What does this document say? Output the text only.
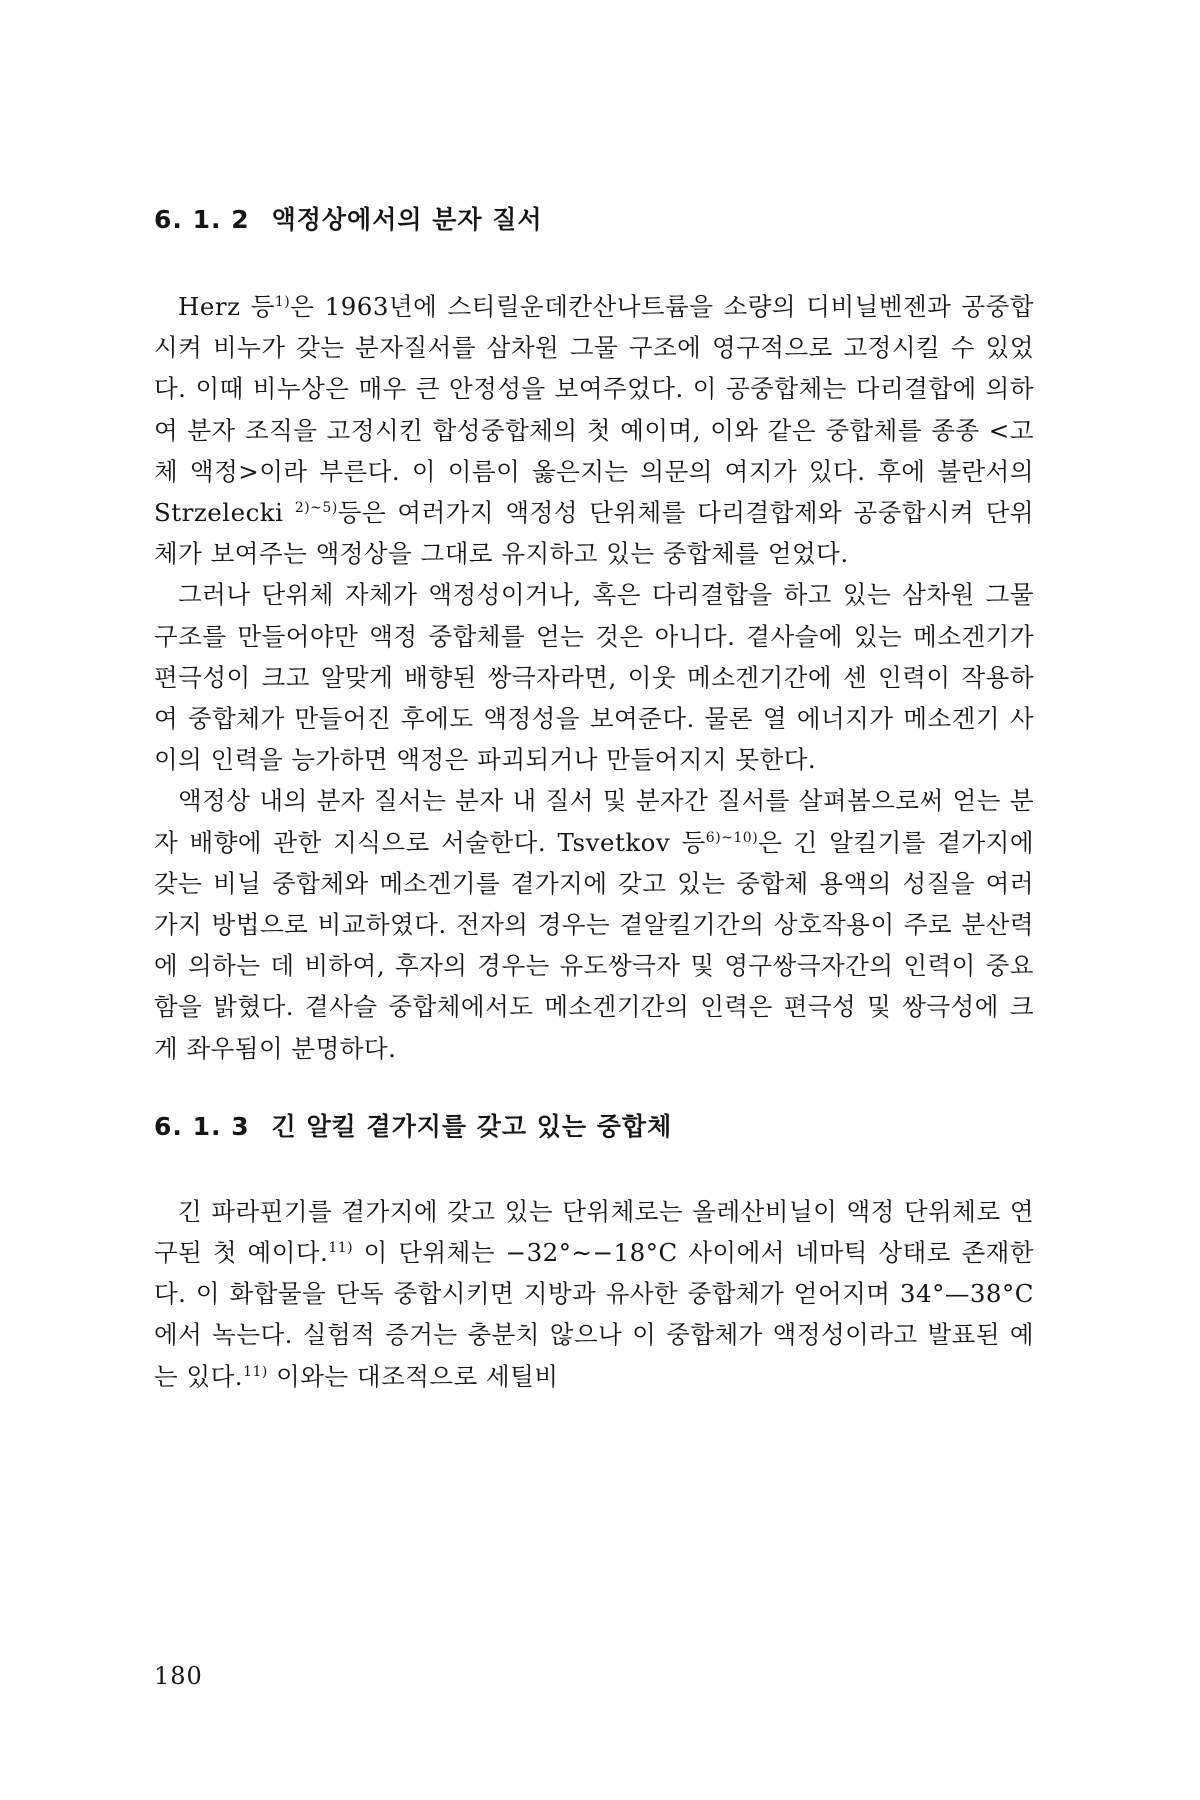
6. 1. 2 액정상에서의 분자 질서

Herz 등$^{1)}$은 1963년에 스티릴운데칸산나트륨을 소량의 디비닐벤젠과 공중합시켜 비누가 갖는 분자질서를 삼차원 그물 구조에 영구적으로 고정시킬 수 있었다. 이때 비누상은 매우 큰 안정성을 보여주었다. 이 공중합체는 다리결합에 의하여 분자 조직을 고정시킨 합성중합체의 첫 예이며, 이와 같은 중합체를 종종 <고체 액정>이라 부른다. 이 이름이 옳은지는 의문의 여지가 있다. 후에 불란서의 Strzelecki $^{2)\sim 5)}$등은 여러가지 액정성 단위체를 다리결합제와 공중합시켜 단위체가 보여주는 액정상을 그대로 유지하고 있는 중합체를 얻었다.

그러나 단위체 자체가 액정성이거나, 혹은 다리결합을 하고 있는 삼차원 그물 구조를 만들어야만 액정 중합체를 얻는 것은 아니다. 곁사슬에 있는 메소겐기가 편극성이 크고 알맞게 배향된 쌍극자라면, 이웃 메소겐기간에 센 인력이 작용하여 중합체가 만들어진 후에도 액정성을 보여준다. 물론 열 에너지가 메소겐기 사이의 인력을 능가하면 액정은 파괴되거나 만들어지지 못한다.

액정상 내의 분자 질서는 분자 내 질서 및 분자간 질서를 살펴봄으로써 얻는 분자 배향에 관한 지식으로 서술한다. Tsvetkov 등$^{6)\sim 10)}$은 긴 알킬기를 곁가지에 갖는 비닐 중합체와 메소겐기를 곁가지에 갖고 있는 중합체 용액의 성질을 여러가지 방법으로 비교하였다. 전자의 경우는 곁알킬기간의 상호작용이 주로 분산력에 의하는 데 비하여, 후자의 경우는 유도쌍극자 및 영구쌍극자간의 인력이 중요함을 밝혔다. 곁사슬 중합체에서도 메소겐기간의 인력은 편극성 및 쌍극성에 크게 좌우됨이 분명하다.

6. 1. 3 긴 알킬 곁가지를 갖고 있는 중합체

긴 파라핀기를 곁가지에 갖고 있는 단위체로는 올레산비닐이 액정 단위체로 연구된 첫 예이다.$^{11)}$ 이 단위체는 −32°∼−18°C 사이에서 네마틱 상태로 존재한다. 이 화합물을 단독 중합시키면 지방과 유사한 중합체가 얻어지며 34°—38°C에서 녹는다. 실험적 증거는 충분치 않으나 이 중합체가 액정성이라고 발표된 예는 있다.$^{11)}$ 이와는 대조적으로 세틸비

180
